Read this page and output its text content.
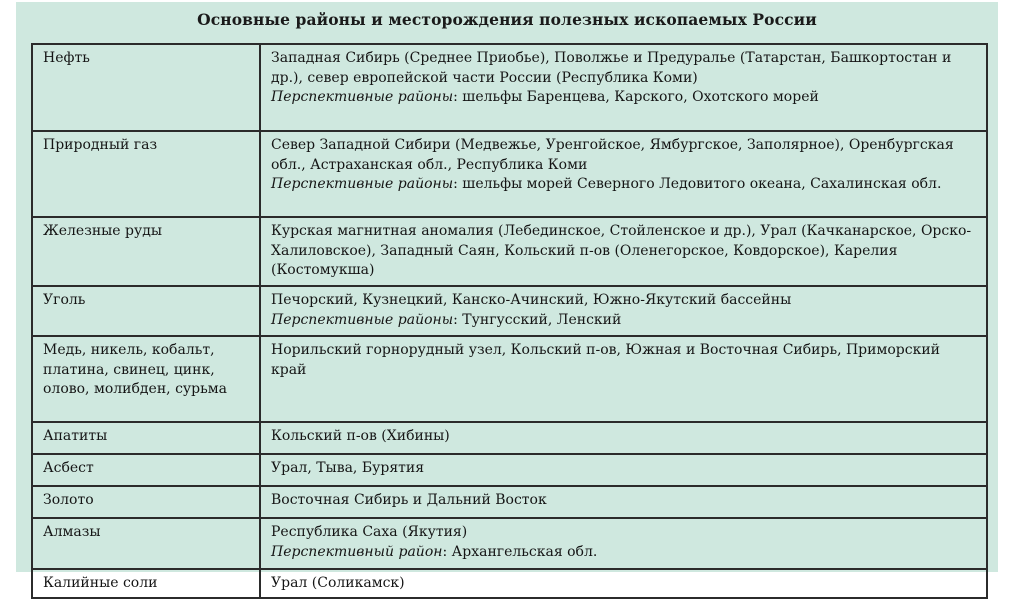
Основные районы и месторождения полезных ископаемых России
Нефть	Западная Сибирь (Среднее Приобье), Поволжье и Предуралье (Татарстан, Башкортостан и др.), север европейской части России (Республика Коми)
Перспективные районы: шельфы Баренцева, Карского, Охотского морей
Природный газ	Север Западной Сибири (Медвежье, Уренгойское, Ямбургское, Заполярное), Оренбургская обл., Астраханская обл., Республика Коми
Перспективные районы: шельфы морей Северного Ледовитого океана, Сахалинская обл.
Железные руды	Курская магнитная аномалия (Лебединское, Стойленское и др.), Урал (Качканарское, Орско-Халиловское), Западный Саян, Кольский п-ов (Оленегорское, Ковдорское), Карелия (Костомукша)
Уголь	Печорский, Кузнецкий, Канско-Ачинский, Южно-Якутский бассейны
Перспективные районы: Тунгусский, Ленский
Медь, никель, кобальт, платина, свинец, цинк, олово, молибден, сурьма	Норильский горнорудный узел, Кольский п-ов, Южная и Восточная Сибирь, Приморский край
Апатиты	Кольский п-ов (Хибины)
Асбест	Урал, Тыва, Бурятия
Золото	Восточная Сибирь и Дальний Восток
Алмазы	Республика Саха (Якутия)
Перспективный район: Архангельская обл.
Калийные соли	Урал (Соликамск)
